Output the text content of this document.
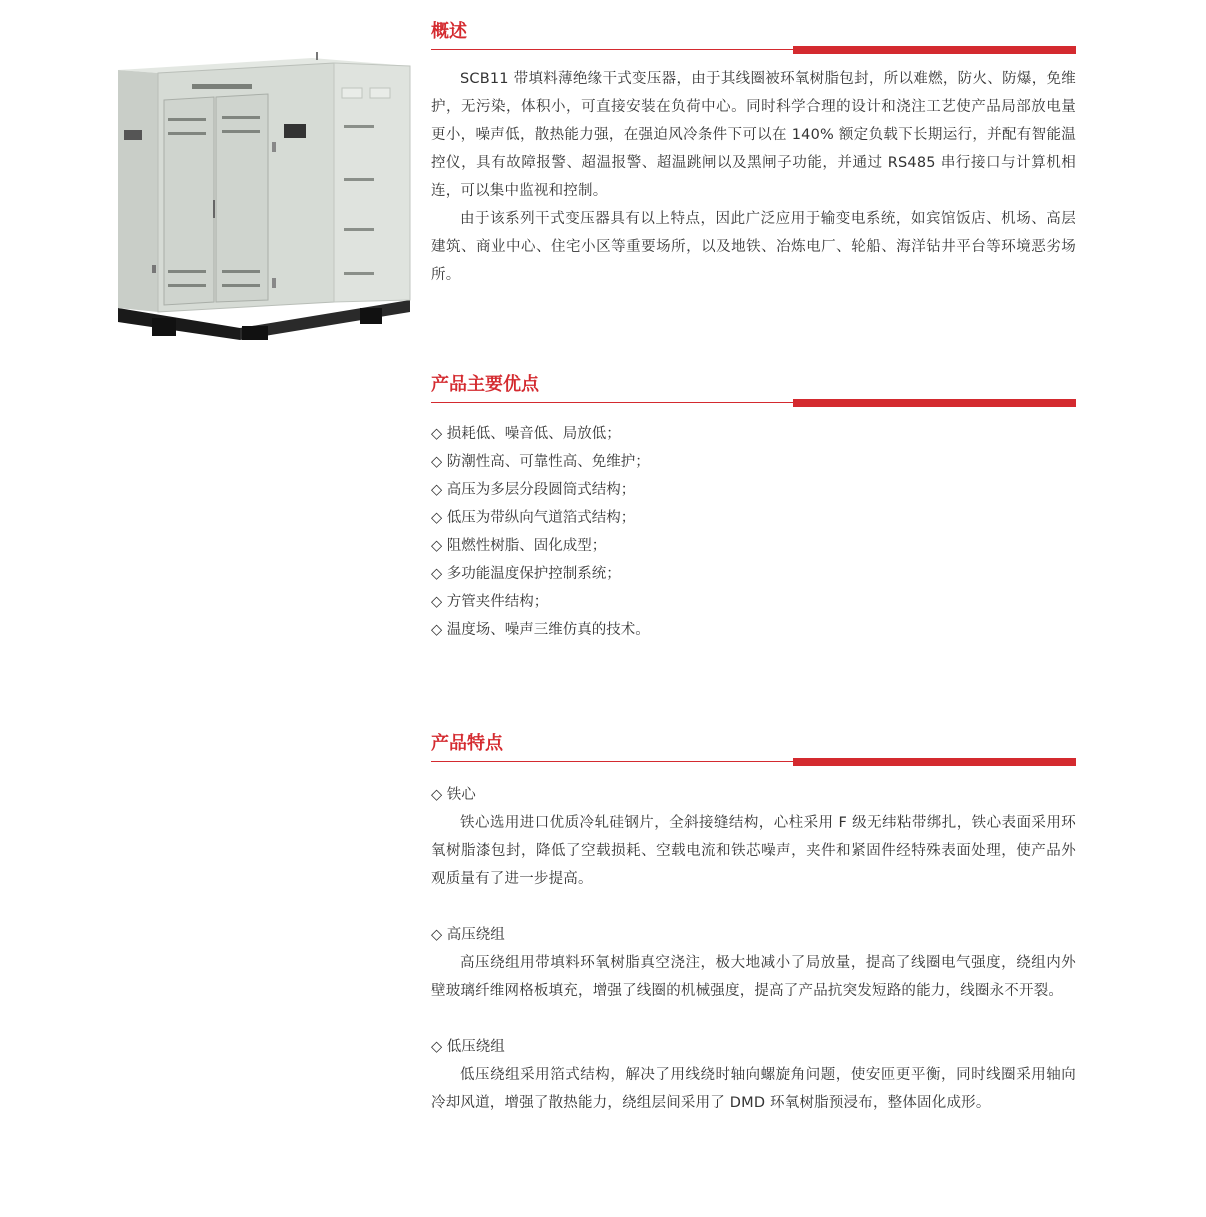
概述

SCB11 带填料薄绝缘干式变压器，由于其线圈被环氧树脂包封，所以难燃，防火、防爆，免维护，无污染，体积小，可直接安装在负荷中心。同时科学合理的设计和浇注工艺使产品局部放电量更小，噪声低，散热能力强，在强迫风冷条件下可以在 140% 额定负载下长期运行，并配有智能温控仪，具有故障报警、超温报警、超温跳闸以及黑闸子功能，并通过 RS485 串行接口与计算机相连，可以集中监视和控制。

由于该系列干式变压器具有以上特点，因此广泛应用于输变电系统，如宾馆饭店、机场、高层建筑、商业中心、住宅小区等重要场所，以及地铁、冶炼电厂、轮船、海洋钻井平台等环境恶劣场所。

产品主要优点
◇ 损耗低、噪音低、局放低；
◇ 防潮性高、可靠性高、免维护；
◇ 高压为多层分段圆筒式结构；
◇ 低压为带纵向气道箔式结构；
◇ 阻燃性树脂、固化成型；
◇ 多功能温度保护控制系统；
◇ 方管夹件结构；
◇ 温度场、噪声三维仿真的技术。
产品特点

◇ 铁心

铁心选用进口优质冷轧硅钢片，全斜接缝结构，心柱采用 F 级无纬粘带绑扎，铁心表面采用环氧树脂漆包封，降低了空载损耗、空载电流和铁芯噪声，夹件和紧固件经特殊表面处理，使产品外观质量有了进一步提高。

◇ 高压绕组

高压绕组用带填料环氧树脂真空浇注，极大地减小了局放量，提高了线圈电气强度，绕组内外壁玻璃纤维网格板填充，增强了线圈的机械强度，提高了产品抗突发短路的能力，线圈永不开裂。

◇ 低压绕组

低压绕组采用箔式结构，解决了用线绕时轴向螺旋角问题，使安匝更平衡，同时线圈采用轴向冷却风道，增强了散热能力，绕组层间采用了 DMD 环氧树脂预浸布，整体固化成形。
